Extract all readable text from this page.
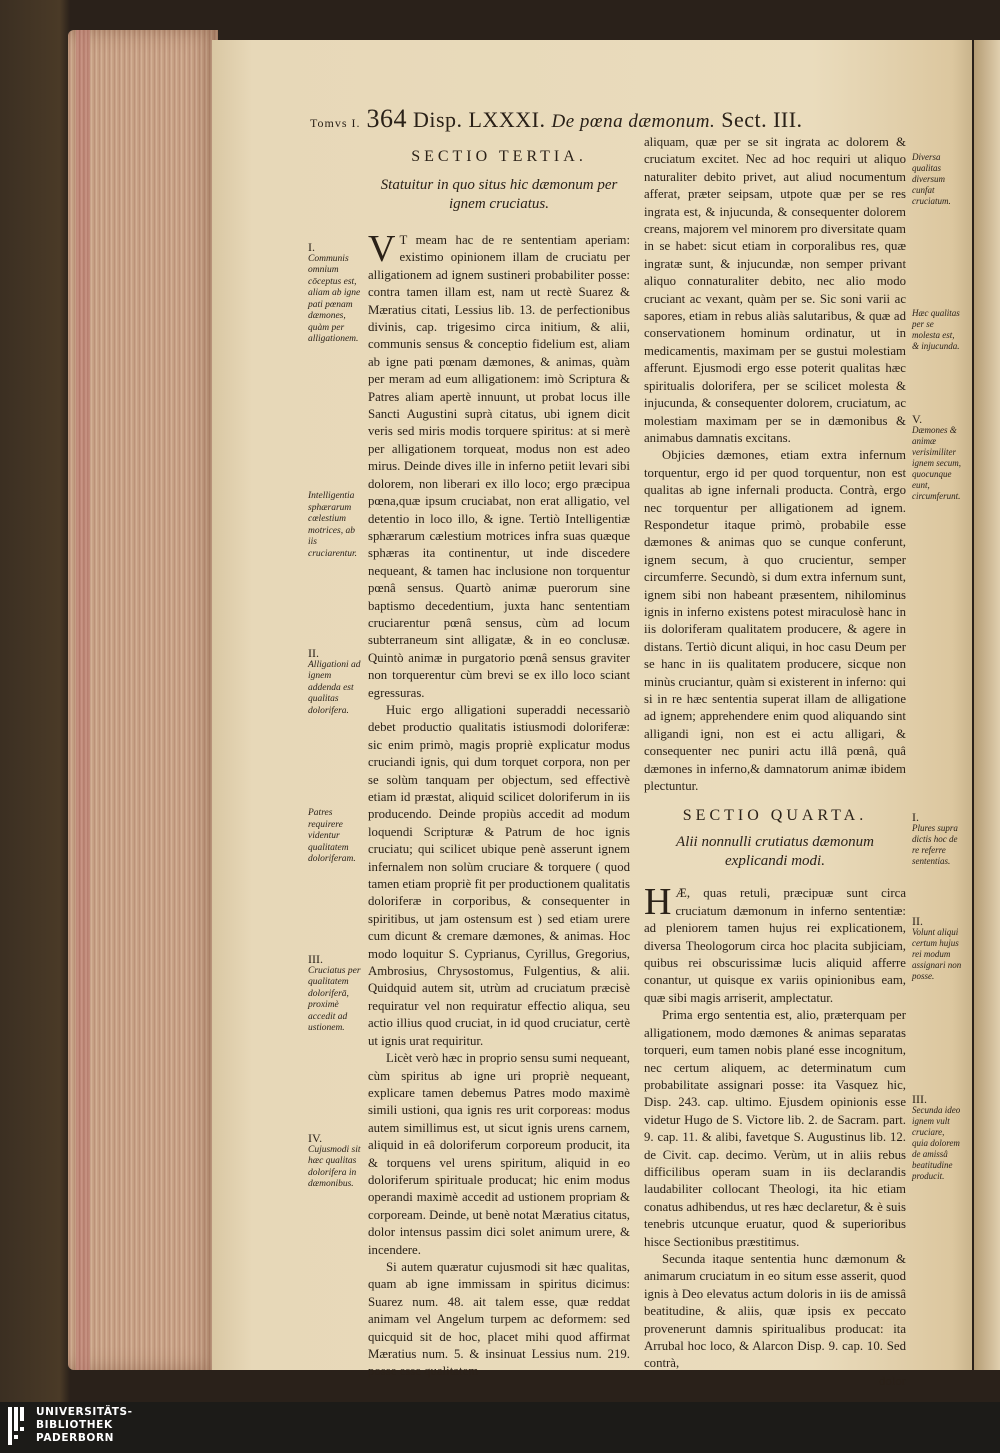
Tomvs I. 364 Disp. LXXXI. De pœna dæmonum. Sect. III.
I.
Communis omnium cōceptus est, aliam ab igne pati pœnam dæmones, quàm per alligationem.
Intelligentia sphærarum cœlestium motrices, ab iis cruciarentur.
II.
Alligationi ad ignem addenda est qualitas dolorifera.
Patres requirere videntur qualitatem doloriferam.
III.
Cruciatus per qualitatem doloriferā, proximè accedit ad ustionem.
IV.
Cujusmodi sit hæc qualitas dolorifera in dæmonibus.
SECTIO TERTIA.
Statuitur in quo situs hic dæmonum per ignem cruciatus.

V T meam hac de re sententiam aperiam: existimo opinionem illam de cruciatu per alligationem ad ignem sustineri probabiliter posse: contra tamen illam est, nam ut rectè Suarez & Mæratius citati, Lessius lib. 13. de perfectionibus divinis, cap. trigesimo circa initium, & alii, communis sensus & conceptio fidelium est, aliam ab igne pati pœnam dæmones, & animas, quàm per meram ad eum alligationem: imò Scriptura & Patres aliam apertè innuunt, ut probat locus ille Sancti Augustini suprà citatus, ubi ignem dicit veris sed miris modis torquere spiritus: at si merè per alligationem torqueat, modus non est adeo mirus. Deinde dives ille in inferno petiit levari sibi dolorem, non liberari ex illo loco; ergo præcipua pœna,quæ ipsum cruciabat, non erat alligatio, vel detentio in loco illo, & igne. Tertiò Intelligentiæ sphærarum cælestium motrices infra suas quæque sphæras ita continentur, ut inde discedere nequeant, & tamen hac inclusione non torquentur pœnâ sensus. Quartò animæ puerorum sine baptismo decedentium, juxta hanc sententiam cruciarentur pœnâ sensus, cùm ad locum subterraneum sint alligatæ, & in eo conclusæ. Quintò animæ in purgatorio pœnâ sensus graviter non torquerentur cùm brevi se ex illo loco sciant egressuras.

Huic ergo alligationi superaddi necessariò debet productio qualitatis istiusmodi doloriferæ: sic enim primò, magis propriè explicatur modus cruciandi ignis, qui dum torquet corpora, non per se solùm tanquam per objectum, sed effectivè etiam id præstat, aliquid scilicet doloriferum in iis producendo. Deinde propiùs accedit ad modum loquendi Scripturæ & Patrum de hoc ignis cruciatu; qui scilicet ubique penè asserunt ignem infernalem non solùm cruciare & torquere ( quod tamen etiam propriè fit per productionem qualitatis doloriferæ in corporibus, & consequenter in spiritibus, ut jam ostensum est ) sed etiam urere cum dicunt & cremare dæmones, & animas. Hoc modo loquitur S. Cyprianus, Cyrillus, Gregorius, Ambrosius, Chrysostomus, Fulgentius, & alii. Quidquid autem sit, utrùm ad cruciatum præcisè requiratur vel non requiratur effectio aliqua, seu actio illius quod cruciat, in id quod cruciatur, certè ut ignis urat requiritur.

Licèt verò hæc in proprio sensu sumi nequeant, cùm spiritus ab igne uri propriè nequeant, explicare tamen debemus Patres modo maximè simili ustioni, qua ignis res urit corporeas: modus autem simillimus est, ut sicut ignis urens carnem, aliquid in eâ doloriferum corporeum producit, ita & torquens vel urens spiritum, aliquid in eo doloriferum spirituale producat; hic enim modus operandi maximè accedit ad ustionem propriam & corpoream. Deinde, ut benè notat Mæratius citatus, dolor intensus passim dici solet animum urere, & incendere.

Si autem quæratur cujusmodi sit hæc qualitas, quam ab igne immissam in spiritus dicimus: Suarez num. 48. ait talem esse, quæ reddat animam vel Angelum turpem ac deformem: sed quicquid sit de hoc, placet mihi quod affirmat Mæratius num. 5. & insinuat Lessius num. 219. posse esse qualitatem

aliquam, quæ per se sit ingrata ac dolorem & cruciatum excitet. Nec ad hoc requiri ut aliquo naturaliter debito privet, aut aliud nocumentum afferat, præter seipsam, utpote quæ per se res ingrata est, & injucunda, & consequenter dolorem creans, majorem vel minorem pro diversitate quam in se habet: sicut etiam in corporalibus res, quæ ingratæ sunt, & injucundæ, non semper privant aliquo connaturaliter debito, nec alio modo cruciant ac vexant, quàm per se. Sic soni varii ac sapores, etiam in rebus aliàs salutaribus, & quæ ad conservationem hominum ordinatur, ut in medicamentis, maximam per se gustui molestiam afferunt. Ejusmodi ergo esse poterit qualitas hæc spiritualis dolorifera, per se scilicet molesta & injucunda, & consequenter dolorem, cruciatum, ac molestiam maximam per se in dæmonibus & animabus damnatis excitans.

Objicies dæmones, etiam extra infernum torquentur, ergo id per quod torquentur, non est qualitas ab igne infernali producta. Contrà, ergo nec torquentur per alligationem ad ignem. Respondetur itaque primò, probabile esse dæmones & animas quo se cunque conferunt, ignem secum, à quo crucientur, semper circumferre. Secundò, si dum extra infernum sunt, ignem sibi non habeant præsentem, nihilominus ignis in inferno existens potest miraculosè hanc in iis doloriferam qualitatem producere, & agere in distans. Tertiò dicunt aliqui, in hoc casu Deum per se hanc in iis qualitatem producere, sicque non minùs cruciantur, quàm si existerent in inferno: qui si in re hæc sententia superat illam de alligatione ad ignem; apprehendere enim quod aliquando sint alligandi igni, non est ei actu alligari, & consequenter nec puniri actu illâ pœnâ, quâ dæmones in inferno,& damnatorum animæ ibidem plectuntur.

SECTIO QUARTA.
Alii nonnulli crutiatus dæmonum explicandi modi.

H Æ, quas retuli, præcipuæ sunt circa cruciatum dæmonum in inferno sententiæ: ad pleniorem tamen hujus rei explicationem, diversa Theologorum circa hoc placita subjiciam, quibus rei obscurissimæ lucis aliquid afferre conantur, ut quisque ex variis opinionibus eam, quæ sibi magis arriserit, amplectatur.

Prima ergo sententia est, alio, præterquam per alligationem, modo dæmones & animas separatas torqueri, eum tamen nobis plané esse incognitum, nec certum aliquem, ac determinatum cum probabilitate assignari posse: ita Vasquez hic, Disp. 243. cap. ultimo. Ejusdem opinionis esse videtur Hugo de S. Victore lib. 2. de Sacram. part. 9. cap. 11. & alibi, favetque S. Augustinus lib. 12. de Civit. cap. decimo. Verùm, ut in aliis rebus difficilibus operam suam in iis declarandis laudabiliter collocant Theologi, ita hic etiam conatus adhibendus, ut res hæc declaretur, & è suis tenebris utcunque eruatur, quod & superioribus hisce Sectionibus præstitimus.

Secunda itaque sententia hunc dæmonum & animarum cruciatum in eo situm esse asserit, quod ignis à Deo elevatus actum doloris in iis de amissâ beatitudine, & aliis, quæ ipsis ex peccato provenerunt damnis spiritualibus producat: ita Arrubal hoc loco, & Alarcon Disp. 9. cap. 10. Sed contrà,

dolor
Diversa qualitas diversum cunfat cruciatum.
Hæc qualitas per se molesta est, & injucunda.
V.
Dæmones & animæ verisimiliter ignem secum, quocunque eunt, circumferunt.
I.
Plures supra dictis hoc de re referre sententias.
II.
Volunt aliqui certum hujus rei modum assignari non posse.
III.
Secunda ideo ignem vult cruciare, quia dolorem de amissâ beatitudine producit.
UNIVERSITÄTS-
BIBLIOTHEK
PADERBORN
